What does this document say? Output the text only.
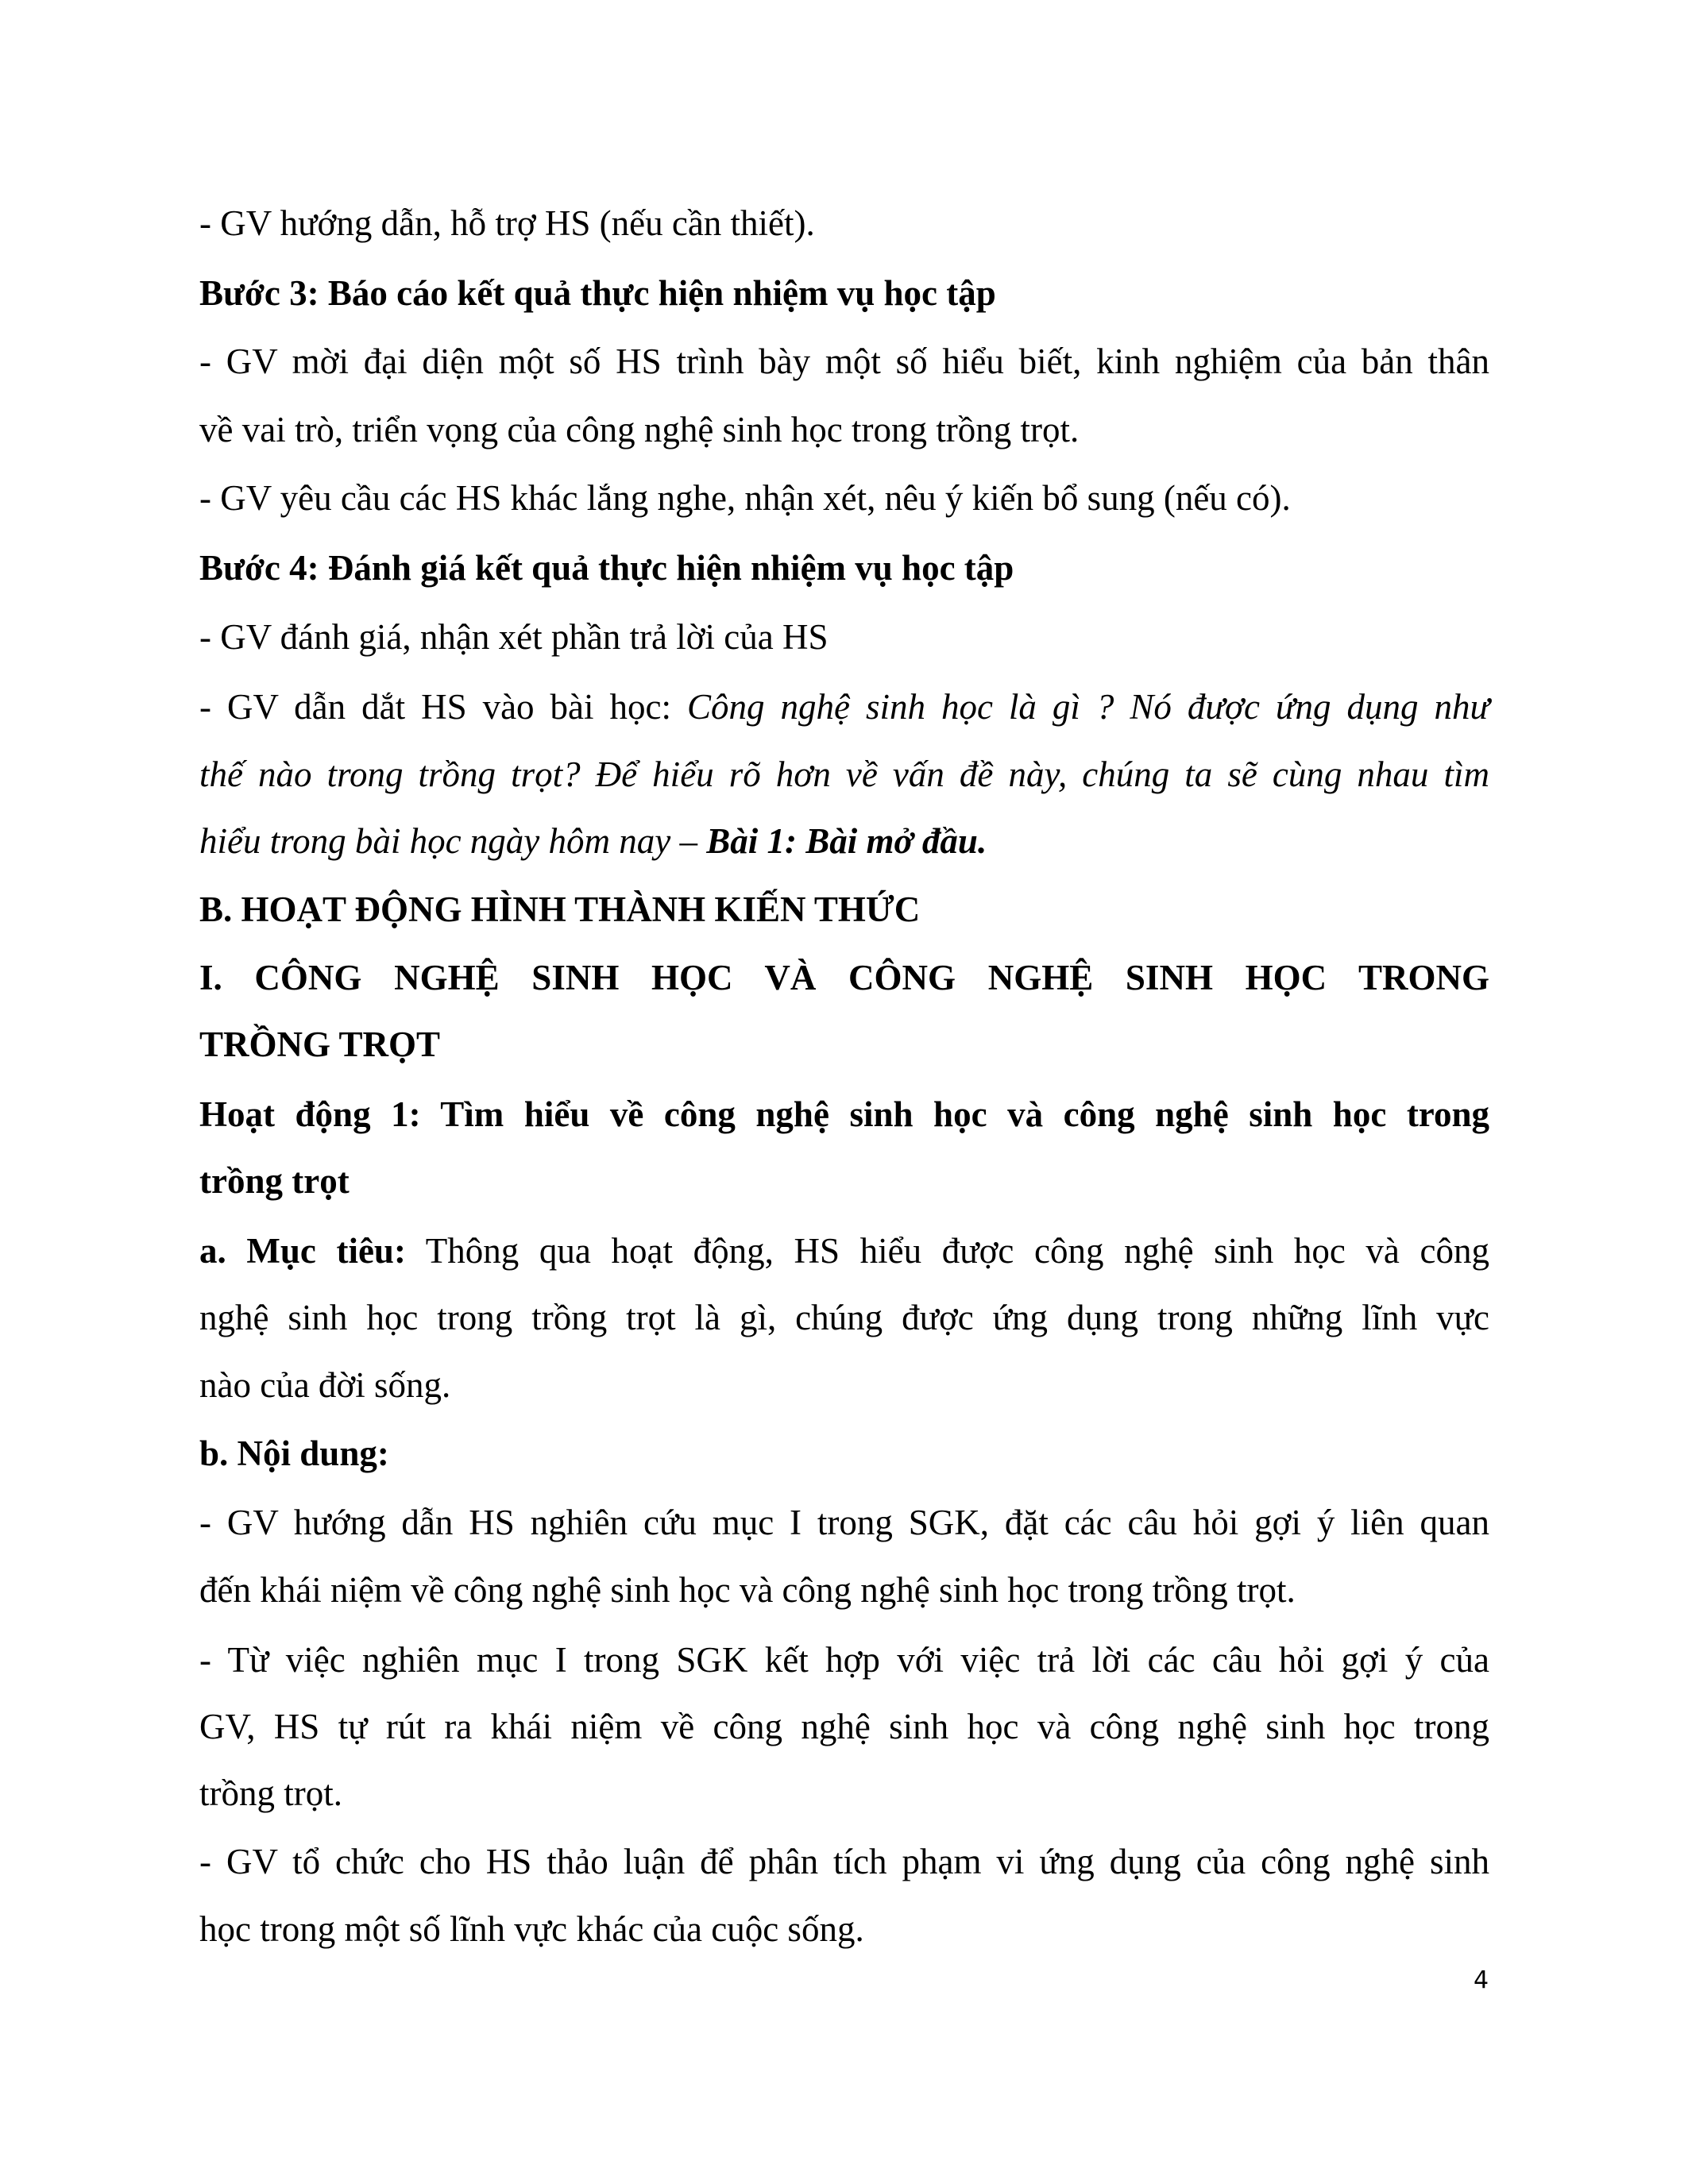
- GV hướng dẫn, hỗ trợ HS (nếu cần thiết).
Bước 3: Báo cáo kết quả thực hiện nhiệm vụ học tập
- GV mời đại diện một số HS trình bày một số hiểu biết, kinh nghiệm của bản thân
về vai trò, triển vọng của công nghệ sinh học trong trồng trọt.
- GV yêu cầu các HS khác lắng nghe, nhận xét, nêu ý kiến bổ sung (nếu có).
Bước 4: Đánh giá kết quả thực hiện nhiệm vụ học tập
- GV đánh giá, nhận xét phần trả lời của HS
- GV dẫn dắt HS vào bài học: Công nghệ sinh học là gì ? Nó được ứng dụng như
thế nào trong trồng trọt? Để hiểu rõ hơn về vấn đề này, chúng ta sẽ cùng nhau tìm
hiểu trong bài học ngày hôm nay – Bài 1: Bài mở đầu.
B. HOẠT ĐỘNG HÌNH THÀNH KIẾN THỨC
I. CÔNG NGHỆ SINH HỌC VÀ CÔNG NGHỆ SINH HỌC TRONG
TRỒNG TRỌT
Hoạt động 1: Tìm hiểu về công nghệ sinh học và công nghệ sinh học trong
trồng trọt
a. Mục tiêu: Thông qua hoạt động, HS hiểu được công nghệ sinh học và công
nghệ sinh học trong trồng trọt là gì, chúng được ứng dụng trong những lĩnh vực
nào của đời sống.
b. Nội dung:
- GV hướng dẫn HS nghiên cứu mục I trong SGK, đặt các câu hỏi gợi ý liên quan
đến khái niệm về công nghệ sinh học và công nghệ sinh học trong trồng trọt.
- Từ việc nghiên mục I trong SGK kết hợp với việc trả lời các câu hỏi gợi ý của
GV, HS tự rút ra khái niệm về công nghệ sinh học và công nghệ sinh học trong
trồng trọt.
- GV tổ chức cho HS thảo luận để phân tích phạm vi ứng dụng của công nghệ sinh
học trong một số lĩnh vực khác của cuộc sống.
4
